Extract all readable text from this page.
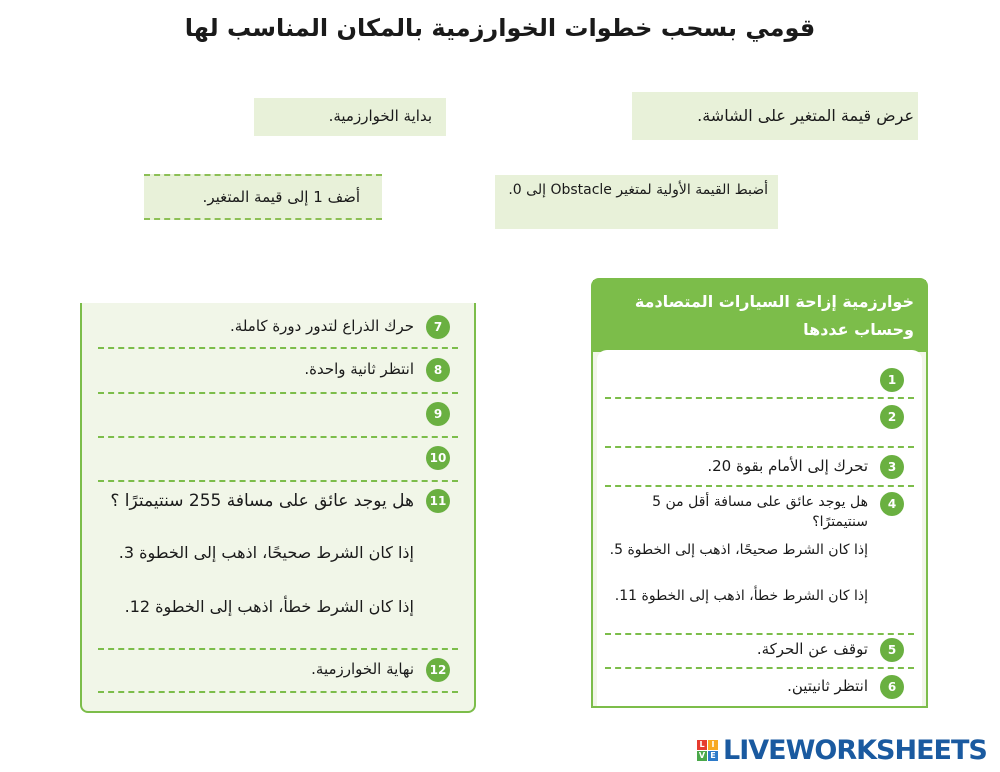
قومي بسحب خطوات الخوارزمية بالمكان المناسب لها
بداية الخوارزمية.	عرض قيمة المتغير على الشاشة.
أضف 1 إلى قيمة المتغير.	أضبط القيمة الأولية لمتغير Obstacle إلى 0.
7
حرك الذراع لتدور دورة كاملة.
8
انتظر ثانية واحدة.
9
10
11
هل يوجد عائق على مسافة 255 سنتيمترًا ؟
إذا كان الشرط صحيحًا، اذهب إلى الخطوة 3.
إذا كان الشرط خطأ، اذهب إلى الخطوة 12.
12
نهاية الخوارزمية.
خوارزمية إزاحة السيارات المتصادمة وحساب عددها
1
2
3
تحرك إلى الأمام بقوة 20.
4
هل يوجد عائق على مسافة أقل من 5 سنتيمترًا؟
إذا كان الشرط صحيحًا، اذهب إلى الخطوة 5.
إذا كان الشرط خطأ، اذهب إلى الخطوة 11.
5
توقف عن الحركة.
6
انتظر ثانيتين.
L I
V E LIVEWORKSHEETS
